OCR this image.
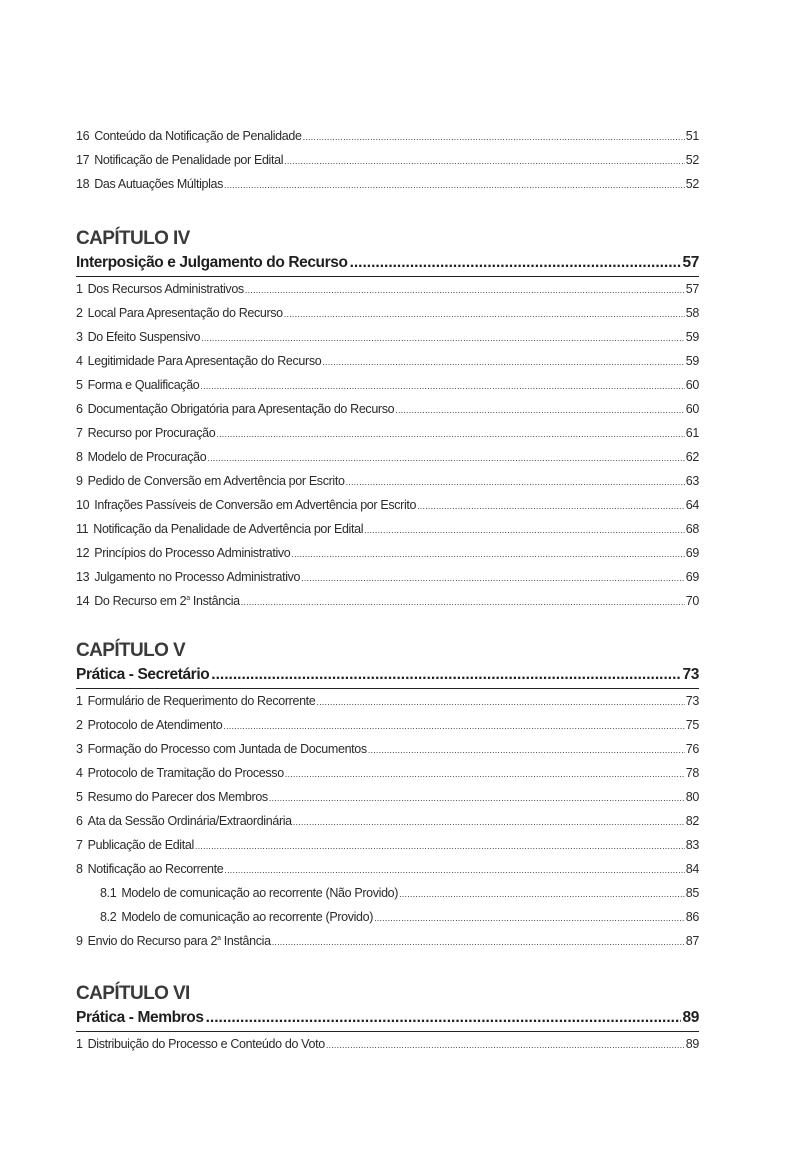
16 Conteúdo da Notificação de Penalidade .....	51
17 Notificação de Penalidade por Edital .....	52
18 Das Autuações Múltiplas .....	52
CAPÍTULO IV
Interposição e Julgamento do Recurso .....	57
1 Dos Recursos Administrativos .....	57
2 Local Para Apresentação do Recurso .....	58
3 Do Efeito Suspensivo .....	59
4 Legitimidade Para Apresentação do Recurso .....	59
5 Forma e Qualificação .....	60
6 Documentação Obrigatória para Apresentação do Recurso .....	60
7 Recurso por Procuração .....	61
8 Modelo de Procuração .....	62
9 Pedido de Conversão em Advertência por Escrito .....	63
10 Infrações Passíveis de Conversão em Advertência por Escrito .....	64
11 Notificação da Penalidade de Advertência por Edital .....	68
12 Princípios do Processo Administrativo .....	69
13 Julgamento no Processo Administrativo .....	69
14 Do Recurso em 2$^a$ Instância .....	70
CAPÍTULO V
Prática - Secretário .....	73
1 Formulário de Requerimento do Recorrente .....	73
2 Protocolo de Atendimento .....	75
3 Formação do Processo com Juntada de Documentos .....	76
4 Protocolo de Tramitação do Processo .....	78
5 Resumo do Parecer dos Membros .....	80
6 Ata da Sessão Ordinária/Extraordinária .....	82
7 Publicação de Edital .....	83
8 Notificação ao Recorrente .....	84
8.1 Modelo de comunicação ao recorrente (Não Provido) .....	85
8.2 Modelo de comunicação ao recorrente (Provido) .....	86
9 Envio do Recurso para 2$^a$ Instância .....	87
CAPÍTULO VI
Prática - Membros .....	89
1 Distribuição do Processo e Conteúdo do Voto .....	89
